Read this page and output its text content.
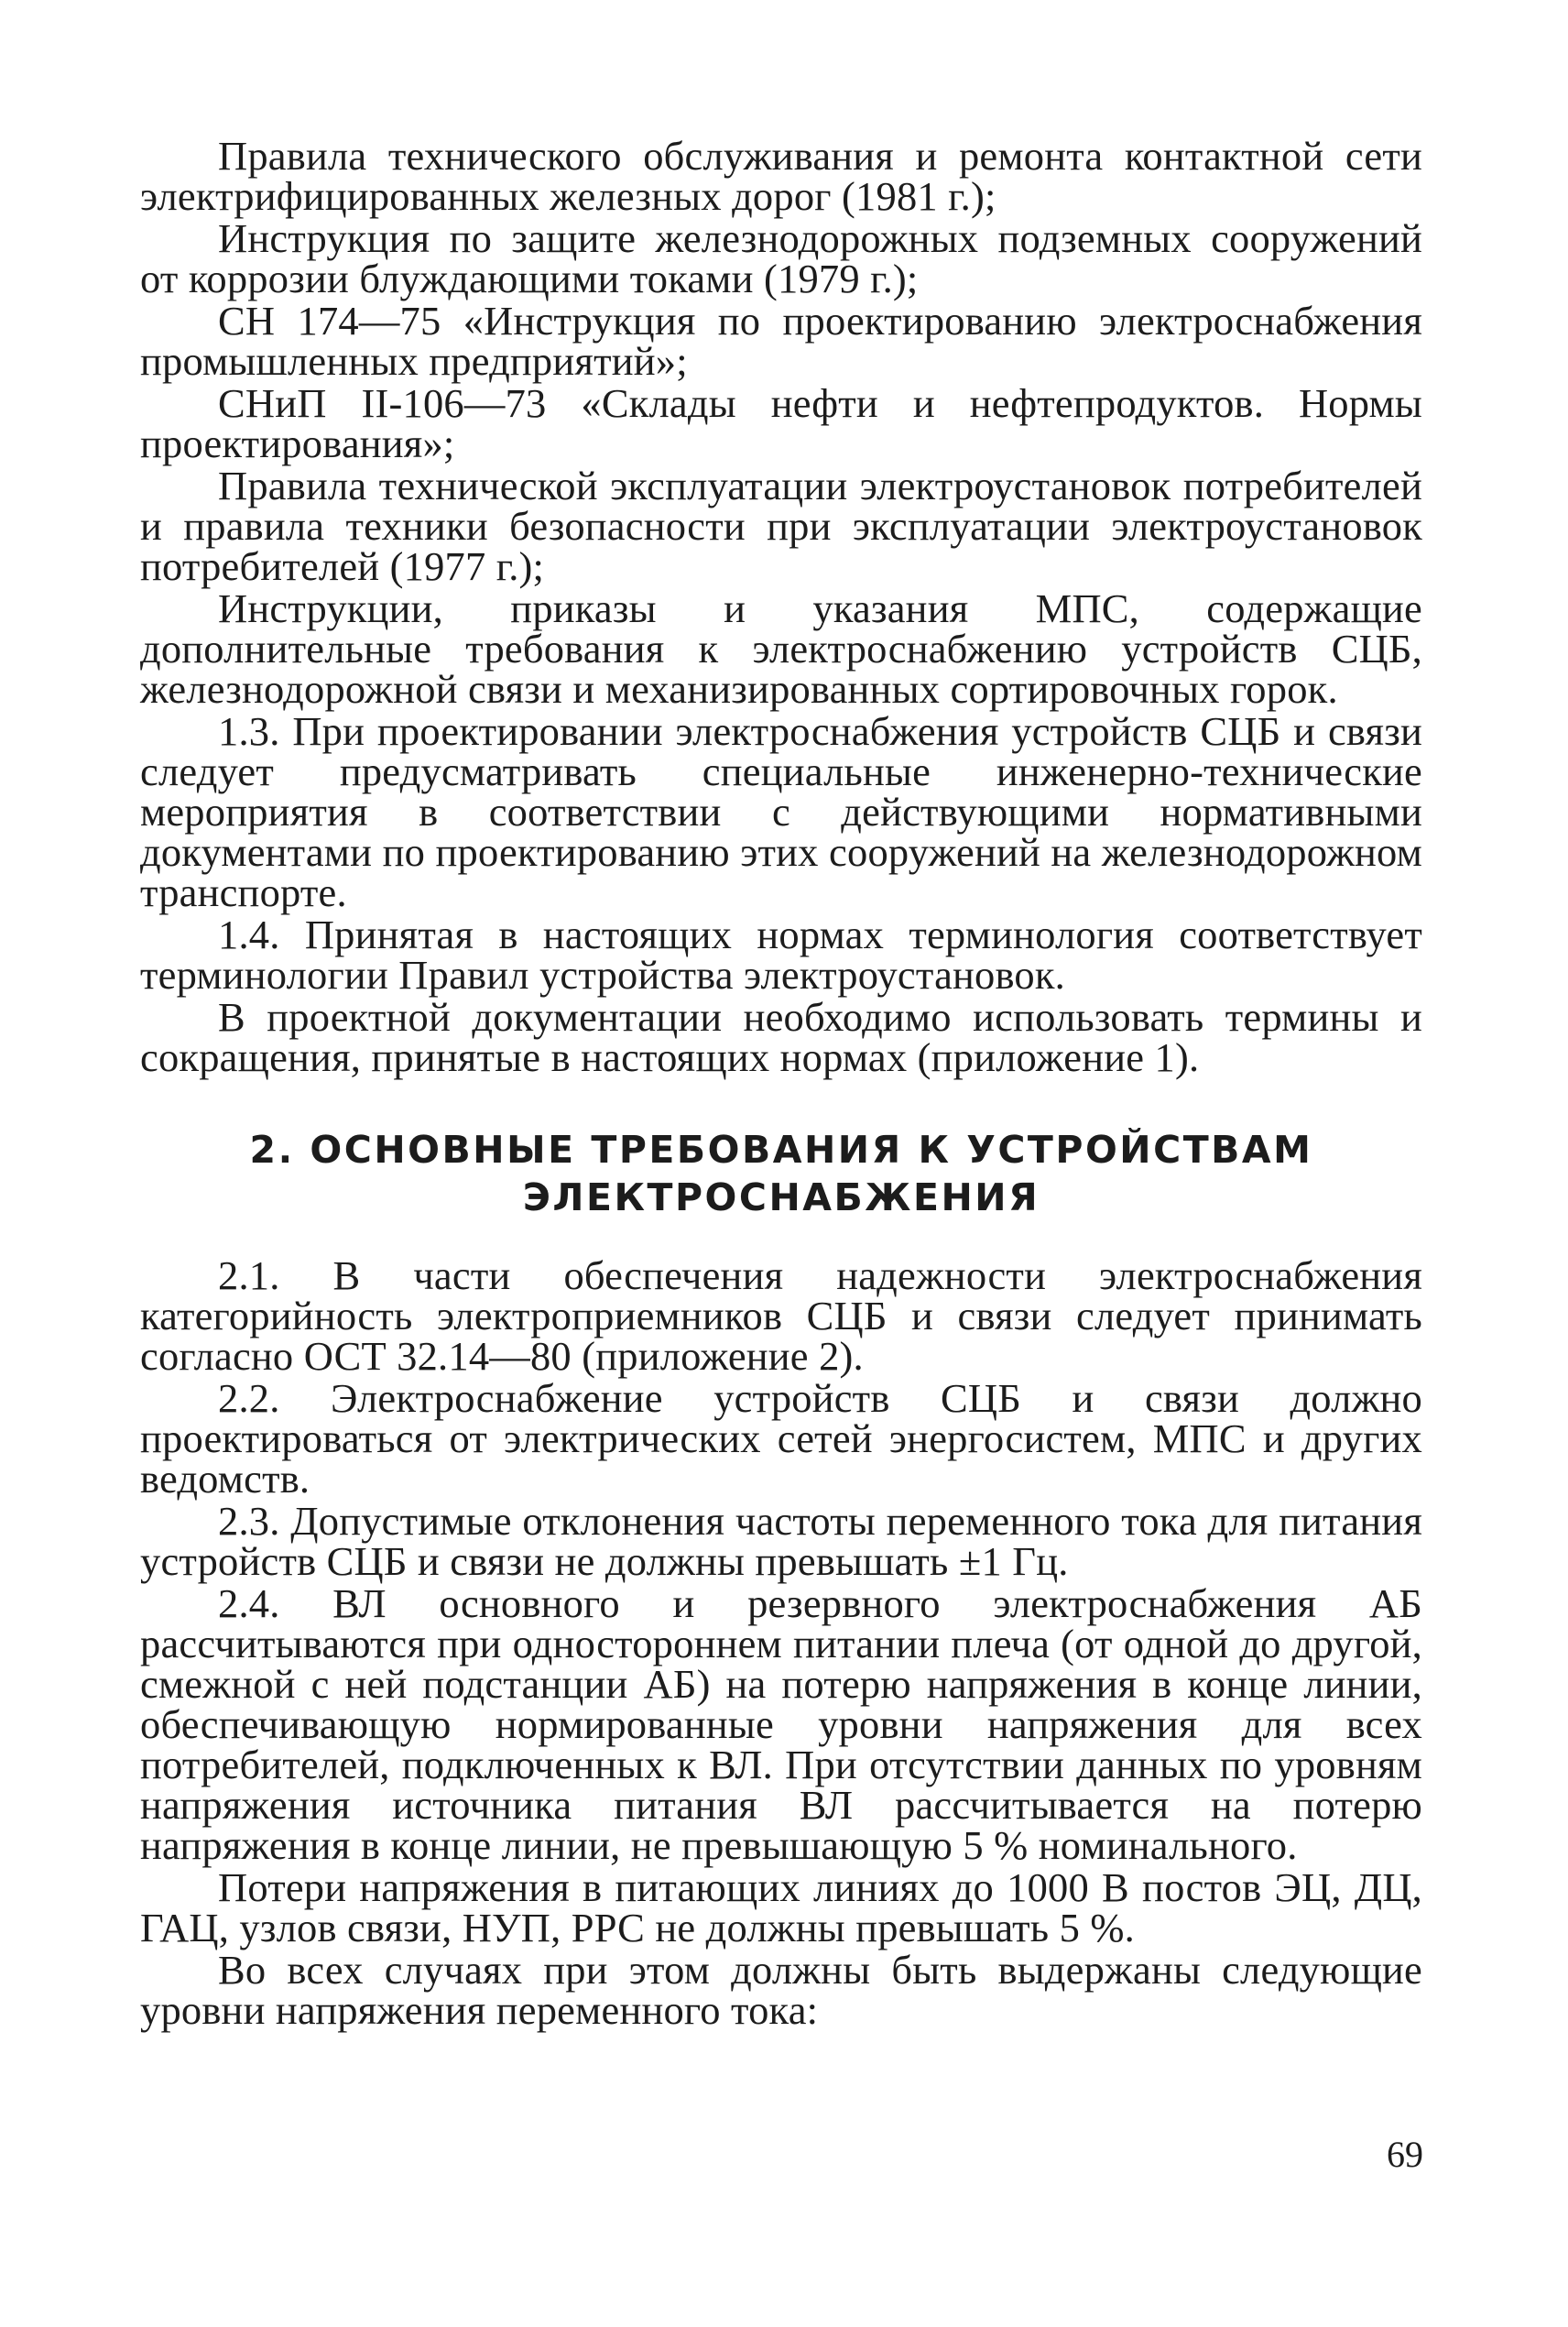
Правила технического обслуживания и ремонта контактной сети электрифицированных железных дорог (1981 г.);

Инструкция по защите железнодорожных подземных сооружений от коррозии блуждающими токами (1979 г.);

СН 174—75 «Инструкция по проектированию электроснабжения промышленных предприятий»;

СНиП II-106—73 «Склады нефти и нефтепродуктов. Нормы проектирования»;

Правила технической эксплуатации электроустановок потребителей и правила техники безопасности при эксплуатации электроустановок потребителей (1977 г.);

Инструкции, приказы и указания МПС, содержащие дополнительные требования к электроснабжению устройств СЦБ, железнодорожной связи и механизированных сортировочных горок.

1.3. При проектировании электроснабжения устройств СЦБ и связи следует предусматривать специальные инженерно-технические мероприятия в соответствии с действующими нормативными документами по проектированию этих сооружений на железнодорожном транспорте.

1.4. Принятая в настоящих нормах терминология соответствует терминологии Правил устройства электроустановок.

В проектной документации необходимо использовать термины и сокращения, принятые в настоящих нормах (приложение 1).

2. ОСНОВНЫЕ ТРЕБОВАНИЯ К УСТРОЙСТВАМ
ЭЛЕКТРОСНАБЖЕНИЯ

2.1. В части обеспечения надежности электроснабжения категорийность электроприемников СЦБ и связи следует принимать согласно ОСТ 32.14—80 (приложение 2).

2.2. Электроснабжение устройств СЦБ и связи должно проектироваться от электрических сетей энергосистем, МПС и других ведомств.

2.3. Допустимые отклонения частоты переменного тока для питания устройств СЦБ и связи не должны превышать ±1 Гц.

2.4. ВЛ основного и резервного электроснабжения АБ рассчитываются при одностороннем питании плеча (от одной до другой, смежной с ней подстанции АБ) на потерю напряжения в конце линии, обеспечивающую нормированные уровни напряжения для всех потребителей, подключенных к ВЛ. При отсутствии данных по уровням напряжения источника питания ВЛ рассчитывается на потерю напряжения в конце линии, не превышающую 5 % номинального.

Потери напряжения в питающих линиях до 1000 В постов ЭЦ, ДЦ, ГАЦ, узлов связи, НУП, РРС не должны превышать 5 %.

Во всех случаях при этом должны быть выдержаны следующие уровни напряжения переменного тока:

69
